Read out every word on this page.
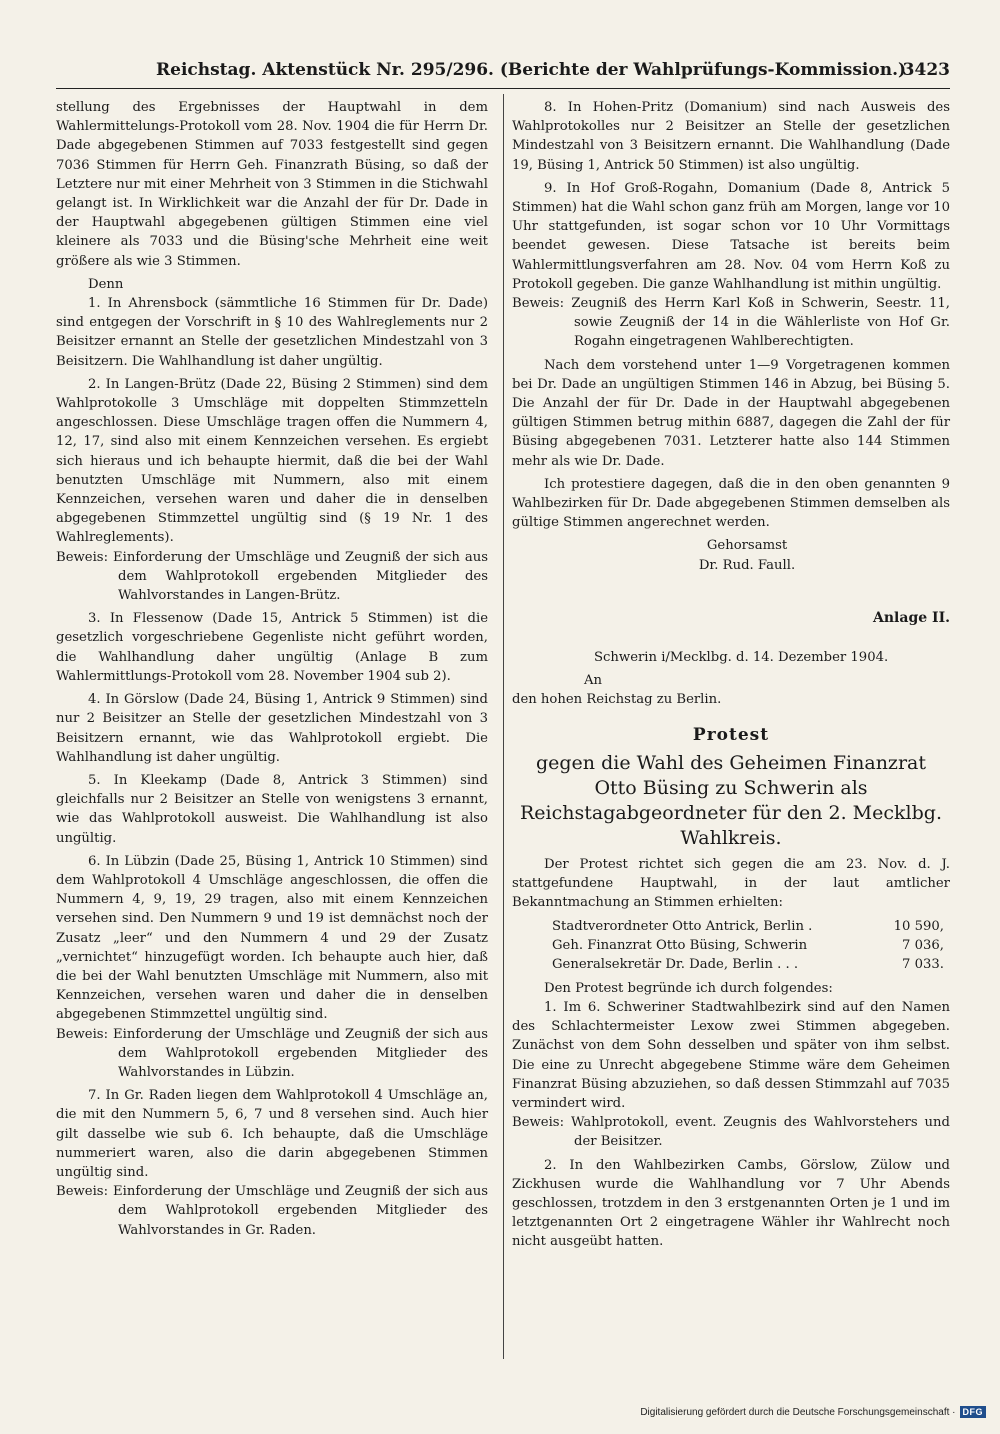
Reichstag. Aktenstück Nr. 295/296. (Berichte der Wahlprüfungs-Kommission.)
3423

stellung des Ergebnisses der Hauptwahl in dem Wahlermittelungs-Protokoll vom 28. Nov. 1904 die für Herrn Dr. Dade abgegebenen Stimmen auf 7033 festgestellt sind gegen 7036 Stimmen für Herrn Geh. Finanzrath Büsing, so daß der Letztere nur mit einer Mehrheit von 3 Stimmen in die Stichwahl gelangt ist. In Wirklichkeit war die Anzahl der für Dr. Dade in der Hauptwahl abgegebenen gültigen Stimmen eine viel kleinere als 7033 und die Büsing'sche Mehrheit eine weit größere als wie 3 Stimmen.

Denn

1. In Ahrensbock (sämmtliche 16 Stimmen für Dr. Dade) sind entgegen der Vorschrift in § 10 des Wahlreglements nur 2 Beisitzer ernannt an Stelle der gesetzlichen Mindestzahl von 3 Beisitzern. Die Wahlhandlung ist daher ungültig.

2. In Langen-Brütz (Dade 22, Büsing 2 Stimmen) sind dem Wahlprotokolle 3 Umschläge mit doppelten Stimmzetteln angeschlossen. Diese Umschläge tragen offen die Nummern 4, 12, 17, sind also mit einem Kennzeichen versehen. Es ergiebt sich hieraus und ich behaupte hiermit, daß die bei der Wahl benutzten Umschläge mit Nummern, also mit einem Kennzeichen, versehen waren und daher die in denselben abgegebenen Stimmzettel ungültig sind (§ 19 Nr. 1 des Wahlreglements).

Beweis: Einforderung der Umschläge und Zeugniß der sich aus dem Wahlprotokoll ergebenden Mitglieder des Wahlvorstandes in Langen-Brütz.

3. In Flessenow (Dade 15, Antrick 5 Stimmen) ist die gesetzlich vorgeschriebene Gegenliste nicht geführt worden, die Wahlhandlung daher ungültig (Anlage B zum Wahlermittlungs-Protokoll vom 28. November 1904 sub 2).

4. In Görslow (Dade 24, Büsing 1, Antrick 9 Stimmen) sind nur 2 Beisitzer an Stelle der gesetzlichen Mindestzahl von 3 Beisitzern ernannt, wie das Wahlprotokoll ergiebt. Die Wahlhandlung ist daher ungültig.

5. In Kleekamp (Dade 8, Antrick 3 Stimmen) sind gleichfalls nur 2 Beisitzer an Stelle von wenigstens 3 ernannt, wie das Wahlprotokoll ausweist. Die Wahlhandlung ist also ungültig.

6. In Lübzin (Dade 25, Büsing 1, Antrick 10 Stimmen) sind dem Wahlprotokoll 4 Umschläge angeschlossen, die offen die Nummern 4, 9, 19, 29 tragen, also mit einem Kennzeichen versehen sind. Den Nummern 9 und 19 ist demnächst noch der Zusatz „leer“ und den Nummern 4 und 29 der Zusatz „vernichtet“ hinzugefügt worden. Ich behaupte auch hier, daß die bei der Wahl benutzten Umschläge mit Nummern, also mit Kennzeichen, versehen waren und daher die in denselben abgegebenen Stimmzettel ungültig sind.

Beweis: Einforderung der Umschläge und Zeugniß der sich aus dem Wahlprotokoll ergebenden Mitglieder des Wahlvorstandes in Lübzin.

7. In Gr. Raden liegen dem Wahlprotokoll 4 Umschläge an, die mit den Nummern 5, 6, 7 und 8 versehen sind. Auch hier gilt dasselbe wie sub 6. Ich behaupte, daß die Umschläge nummeriert waren, also die darin abgegebenen Stimmen ungültig sind.

Beweis: Einforderung der Umschläge und Zeugniß der sich aus dem Wahlprotokoll ergebenden Mitglieder des Wahlvorstandes in Gr. Raden.

8. In Hohen-Pritz (Domanium) sind nach Ausweis des Wahlprotokolles nur 2 Beisitzer an Stelle der gesetzlichen Mindestzahl von 3 Beisitzern ernannt. Die Wahlhandlung (Dade 19, Büsing 1, Antrick 50 Stimmen) ist also ungültig.

9. In Hof Groß-Rogahn, Domanium (Dade 8, Antrick 5 Stimmen) hat die Wahl schon ganz früh am Morgen, lange vor 10 Uhr stattgefunden, ist sogar schon vor 10 Uhr Vormittags beendet gewesen. Diese Tatsache ist bereits beim Wahlermittlungsverfahren am 28. Nov. 04 vom Herrn Koß zu Protokoll gegeben. Die ganze Wahlhandlung ist mithin ungültig.

Beweis: Zeugniß des Herrn Karl Koß in Schwerin, Seestr. 11, sowie Zeugniß der 14 in die Wählerliste von Hof Gr. Rogahn eingetragenen Wahlberechtigten.

Nach dem vorstehend unter 1—9 Vorgetragenen kommen bei Dr. Dade an ungültigen Stimmen 146 in Abzug, bei Büsing 5. Die Anzahl der für Dr. Dade in der Hauptwahl abgegebenen gültigen Stimmen betrug mithin 6887, dagegen die Zahl der für Büsing abgegebenen 7031. Letzterer hatte also 144 Stimmen mehr als wie Dr. Dade.

Ich protestiere dagegen, daß die in den oben genannten 9 Wahlbezirken für Dr. Dade abgegebenen Stimmen demselben als gültige Stimmen angerechnet werden.

Gehorsamst

Dr. Rud. Faull.

Anlage II.

Schwerin i/Mecklbg. d. 14. Dezember 1904.

An

den hohen Reichstag zu Berlin.

Protest

gegen die Wahl des Geheimen Finanzrat Otto Büsing zu Schwerin als Reichstagabgeordneter für den 2. Mecklbg. Wahlkreis.

Der Protest richtet sich gegen die am 23. Nov. d. J. stattgefundene Hauptwahl, in der laut amtlicher Bekanntmachung an Stimmen erhielten:

Stadtverordneter Otto Antrick, Berlin .	10 590,
Geh. Finanzrat Otto Büsing, Schwerin	7 036,
Generalsekretär Dr. Dade, Berlin . . .	7 033.

Den Protest begründe ich durch folgendes:

1. Im 6. Schweriner Stadtwahlbezirk sind auf den Namen des Schlachtermeister Lexow zwei Stimmen abgegeben. Zunächst von dem Sohn desselben und später von ihm selbst. Die eine zu Unrecht abgegebene Stimme wäre dem Geheimen Finanzrat Büsing abzuziehen, so daß dessen Stimmzahl auf 7035 vermindert wird.

Beweis: Wahlprotokoll, event. Zeugnis des Wahlvorstehers und der Beisitzer.

2. In den Wahlbezirken Cambs, Görslow, Zülow und Zickhusen wurde die Wahlhandlung vor 7 Uhr Abends geschlossen, trotzdem in den 3 erstgenannten Orten je 1 und im letztgenannten Ort 2 eingetragene Wähler ihr Wahlrecht noch nicht ausgeübt hatten.

Digitalisierung gefördert durch die Deutsche Forschungsgemeinschaft · DFG
